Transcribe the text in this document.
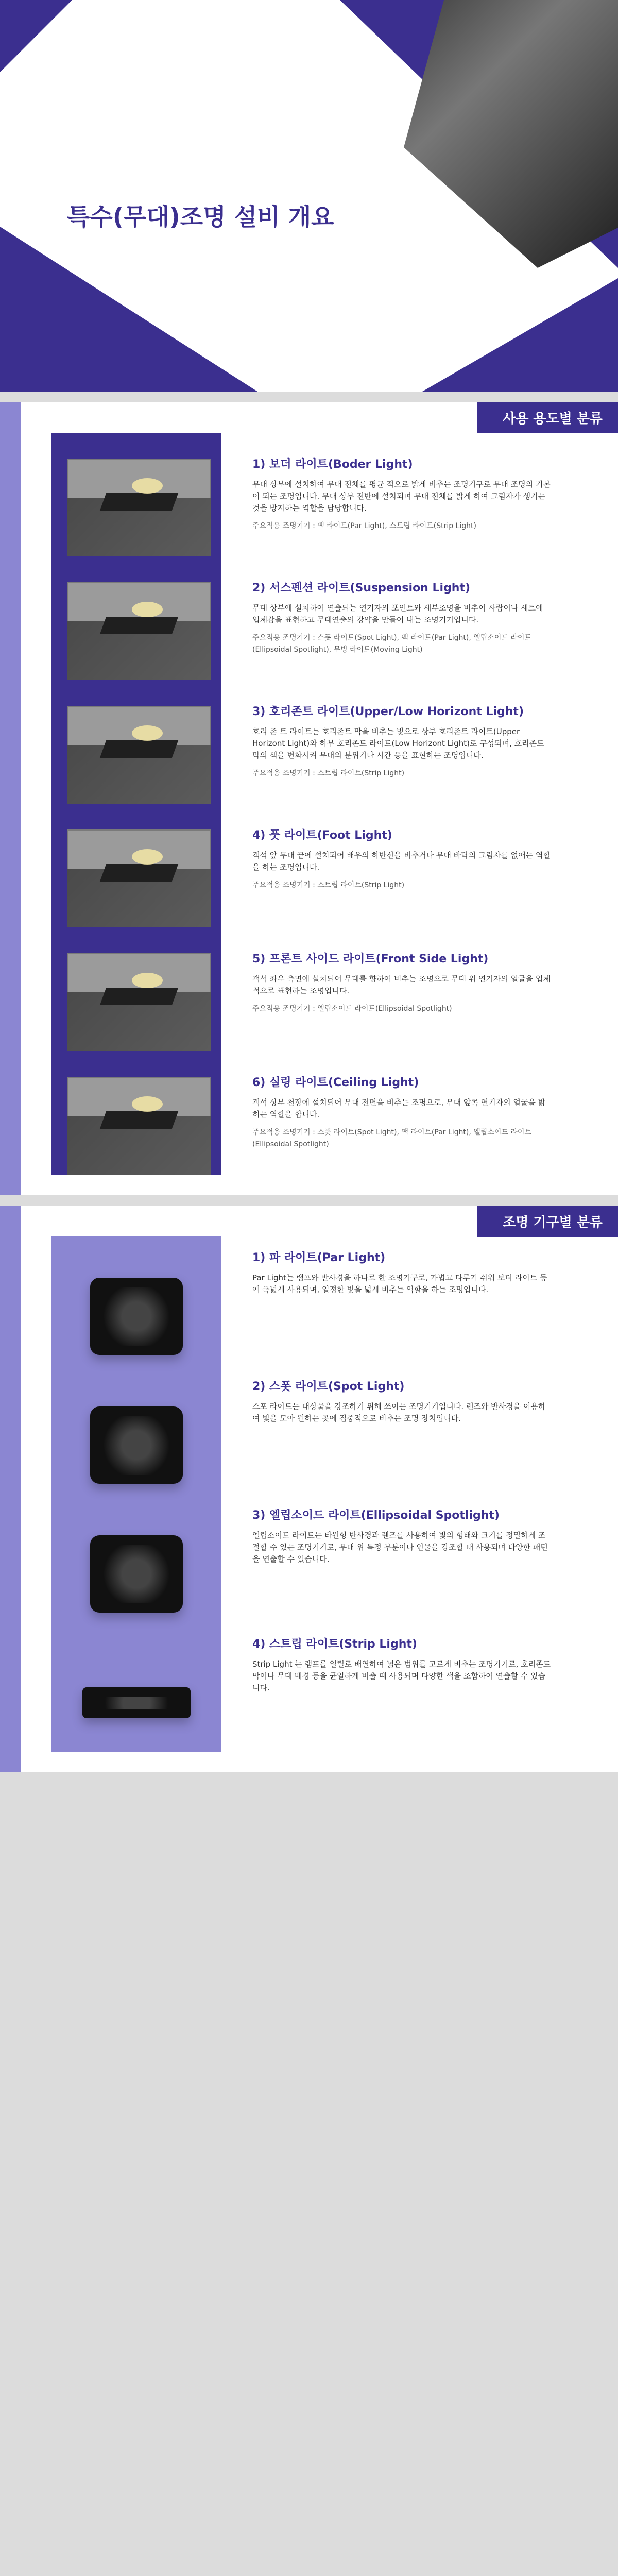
특수(무대)조명 설비 개요
사용 용도별 분류
1) 보더 라이트(Boder Light)
무대 상부에 설치하여 무대 전체를 평균 적으로 밝게 비추는 조명기구로 무대 조명의 기본이 되는 조명입니다. 무대 상부 전반에 설치되며 무대 전체를 밝게 하여 그림자가 생기는 것을 방지하는 역할을 담당합니다.
주요적용 조명기기 : 팩 라이트(Par Light), 스트립 라이트(Strip Light)
2) 서스펜션 라이트(Suspension Light)
무대 상부에 설치하여 연출되는 연기자의 포인트와 세부조명을 비추어 사람이나 세트에 입체감을 표현하고 무대연출의 강약을 만들어 내는 조명기기입니다.
주요적용 조명기기 : 스폿 라이트(Spot Light), 팩 라이트(Par Light), 엘립소이드 라이트(Ellipsoidal Spotlight), 무빙 라이트(Moving Light)
3) 호리존트 라이트(Upper/Low Horizont Light)
호리 존 트 라이트는 호리존트 막을 비추는 빛으로 상부 호리존트 라이트(Upper Horizont Light)와 하부 호리존트 라이트(Low Horizont Light)로 구성되며, 호리존트 막의 색을 변화시켜 무대의 분위기나 시간 등을 표현하는 조명입니다.
주요적용 조명기기 : 스트립 라이트(Strip Light)
4) 풋 라이트(Foot Light)
객석 앞 무대 끝에 설치되어 배우의 하반신을 비추거나 무대 바닥의 그림자를 없애는 역할을 하는 조명입니다.
주요적용 조명기기 : 스트립 라이트(Strip Light)
5) 프론트 사이드 라이트(Front Side Light)
객석 좌우 측면에 설치되어 무대를 향하여 비추는 조명으로 무대 위 연기자의 얼굴을 입체적으로 표현하는 조명입니다.
주요적용 조명기기 : 엘립소이드 라이트(Ellipsoidal Spotlight)
6) 실링 라이트(Ceiling Light)
객석 상부 천장에 설치되어 무대 전면을 비추는 조명으로, 무대 앞쪽 연기자의 얼굴을 밝히는 역할을 합니다.
주요적용 조명기기 : 스폿 라이트(Spot Light), 팩 라이트(Par Light), 엘립소이드 라이트(Ellipsoidal Spotlight)
조명 기구별 분류
1) 파 라이트(Par Light)
Par Light는 램프와 반사경을 하나로 한 조명기구로, 가볍고 다루기 쉬워 보더 라이트 등에 폭넓게 사용되며, 일정한 빛을 넓게 비추는 역할을 하는 조명입니다.
2) 스폿 라이트(Spot Light)
스포 라이트는 대상물을 강조하기 위해 쓰이는 조명기기입니다. 렌즈와 반사경을 이용하여 빛을 모아 원하는 곳에 집중적으로 비추는 조명 장치입니다.
3) 엘립소이드 라이트(Ellipsoidal Spotlight)
엘립소이드 라이트는 타원형 반사경과 렌즈를 사용하여 빛의 형태와 크기를 정밀하게 조절할 수 있는 조명기기로, 무대 위 특정 부분이나 인물을 강조할 때 사용되며 다양한 패턴을 연출할 수 있습니다.
4) 스트립 라이트(Strip Light)
Strip Light 는 램프를 일렬로 배열하여 넓은 범위를 고르게 비추는 조명기기로, 호리존트 막이나 무대 배경 등을 균일하게 비출 때 사용되며 다양한 색을 조합하여 연출할 수 있습니다.
